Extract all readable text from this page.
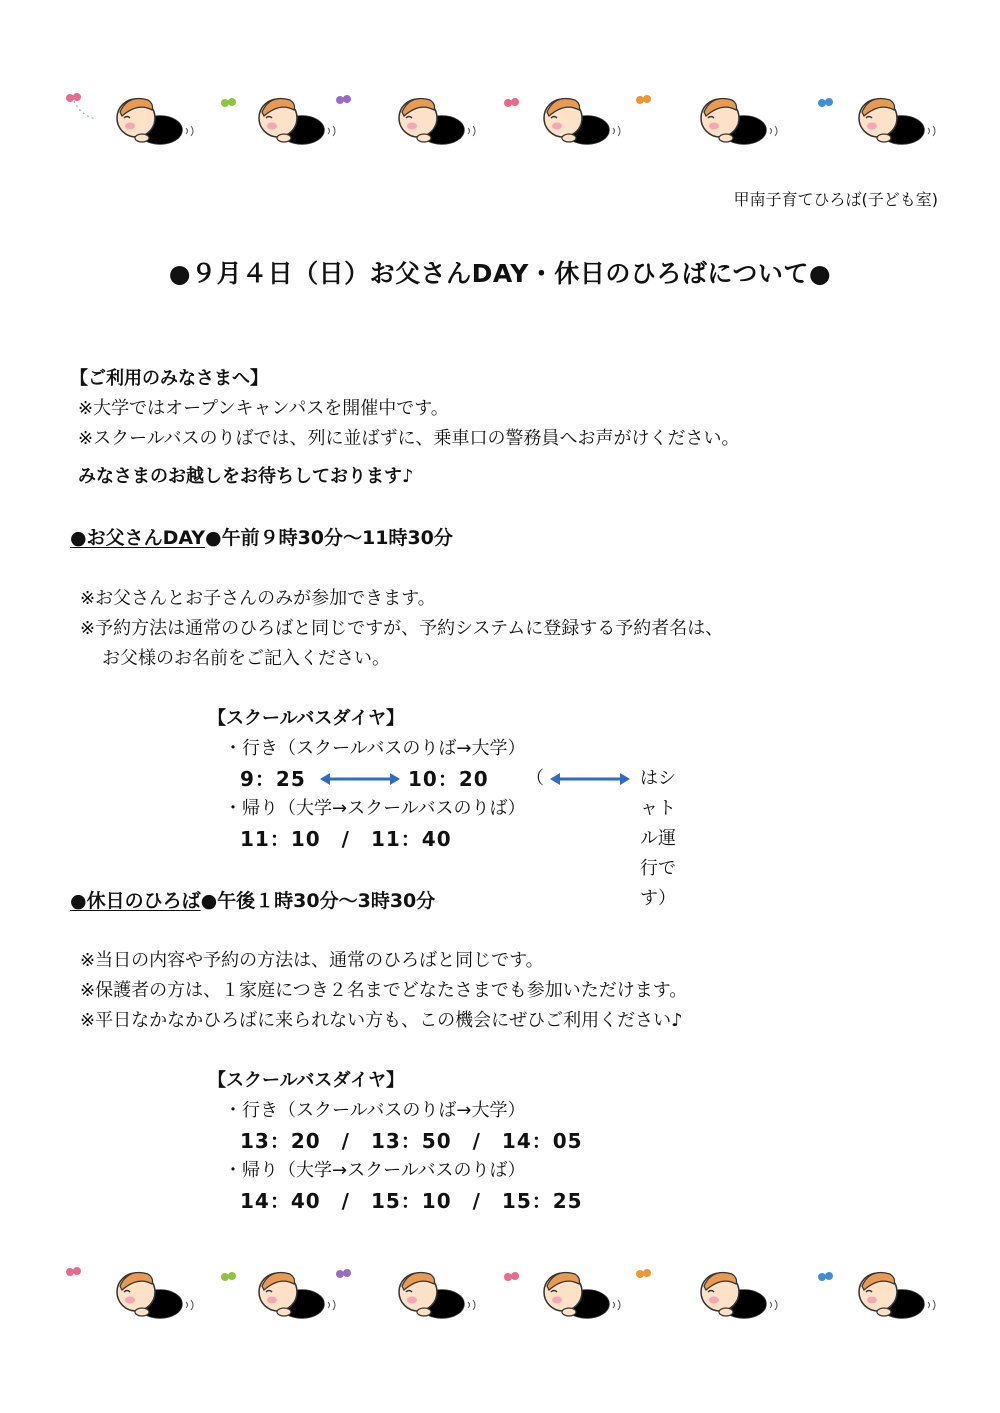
甲南子育てひろば(子ども室)
●９月４日（日）お父さんDAY・休日のひろばについて●
【ご利用のみなさまへ】
※大学ではオープンキャンパスを開催中です。
※スクールバスのりばでは、列に並ばずに、乗車口の警務員へお声がけください。
みなさまのお越しをお待ちしております♪
●お父さんDAY●午前９時30分～11時30分
※お父さんとお子さんのみが参加できます。
※予約方法は通常のひろばと同じですが、予約システムに登録する予約者名は、
お父様のお名前をご記入ください。
【スクールバスダイヤ】
・行き（スクールバスのりば→大学）
9：25	10：20 （	はシャトル運行です）
・帰り（大学→スクールバスのりば）
11：10　/　11：40
●休日のひろば●午後１時30分～3時30分
※当日の内容や予約の方法は、通常のひろばと同じです。
※保護者の方は、１家庭につき２名までどなたさまでも参加いただけます。
※平日なかなかひろばに来られない方も、この機会にぜひご利用ください♪
【スクールバスダイヤ】
・行き（スクールバスのりば→大学）
13：20　/　13：50　/　14：05
・帰り（大学→スクールバスのりば）
14：40　/　15：10　/　15：25
